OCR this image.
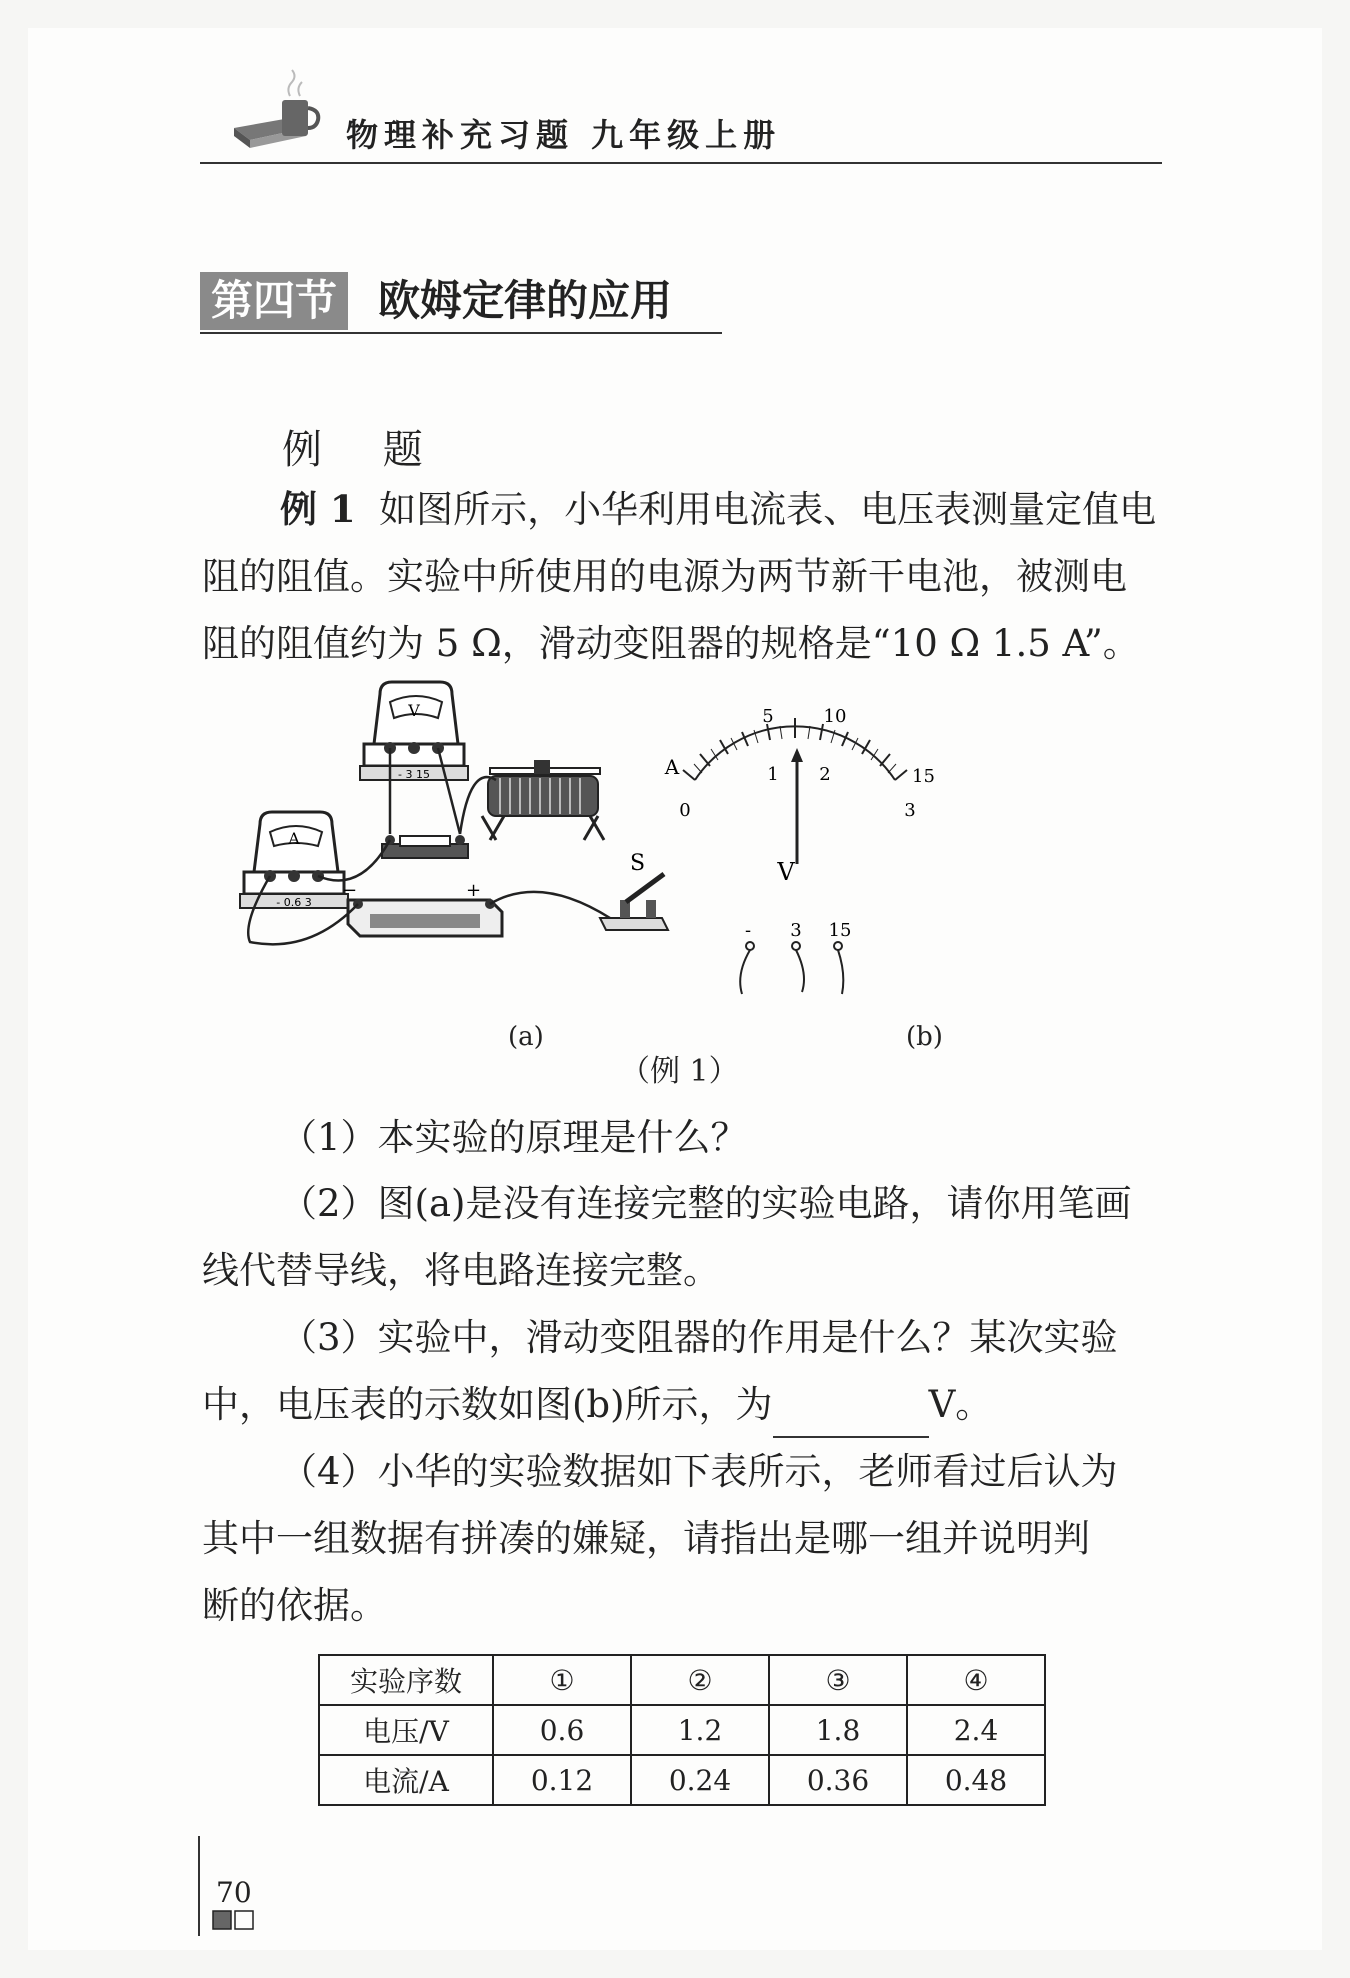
物理补充习题 九年级上册
第四节 欧姆定律的应用
例 题
例 1 如图所示，小华利用电流表、电压表测量定值电
阻的阻值。实验中所使用的电源为两节新干电池，被测电
阻的阻值约为 5 Ω，滑动变阻器的规格是“10 Ω 1.5 A”。
V
- 3 15
A
- 0.6 3
−	+
S
5	10
15
0
1 2
3
A
V
- 3 15
(a)	(b)
（例 1）
（1）本实验的原理是什么？
（2）图(a)是没有连接完整的实验电路，请你用笔画
线代替导线，将电路连接完整。
（3）实验中，滑动变阻器的作用是什么？某次实验
中，电压表的示数如图(b)所示，为	V。
（4）小华的实验数据如下表所示，老师看过后认为
其中一组数据有拼凑的嫌疑，请指出是哪一组并说明判
断的依据。
实验序数	①	②	③	④
电压/V	0.6	1.2	1.8	2.4
电流/A	0.12	0.24	0.36	0.48
70
